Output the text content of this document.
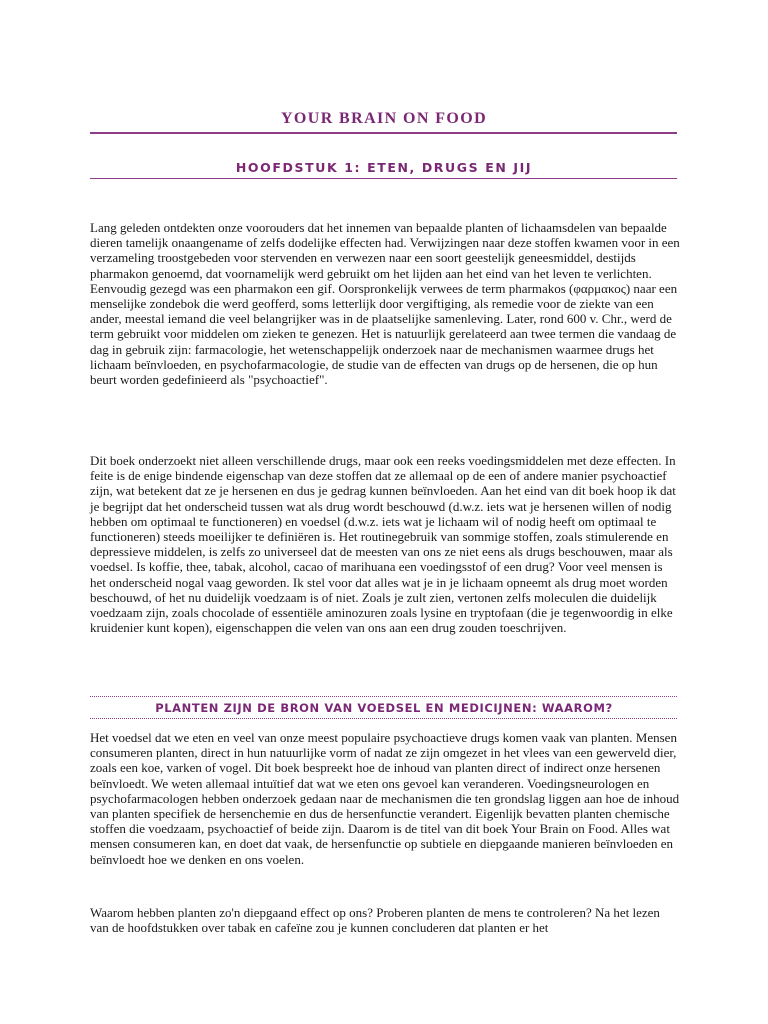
YOUR BRAIN ON FOOD
HOOFDSTUK 1: ETEN, DRUGS EN JIJ

Lang geleden ontdekten onze voorouders dat het innemen van bepaalde planten of lichaamsdelen van bepaalde dieren tamelijk onaangename of zelfs dodelijke effecten had. Verwijzingen naar deze stoffen kwamen voor in een verzameling troostgebeden voor stervenden en verwezen naar een soort geestelijk geneesmiddel, destijds pharmakon genoemd, dat voornamelijk werd gebruikt om het lijden aan het eind van het leven te verlichten. Eenvoudig gezegd was een pharmakon een gif. Oorspronkelijk verwees de term pharmakos (φαρμακος) naar een menselijke zondebok die werd geofferd, soms letterlijk door vergiftiging, als remedie voor de ziekte van een ander, meestal iemand die veel belangrijker was in de plaatselijke samenleving. Later, rond 600 v. Chr., werd de term gebruikt voor middelen om zieken te genezen. Het is natuurlijk gerelateerd aan twee termen die vandaag de dag in gebruik zijn: farmacologie, het wetenschappelijk onderzoek naar de mechanismen waarmee drugs het lichaam beïnvloeden, en psychofarmacologie, de studie van de effecten van drugs op de hersenen, die op hun beurt worden gedefinieerd als "psychoactief".

Dit boek onderzoekt niet alleen verschillende drugs, maar ook een reeks voedingsmiddelen met deze effecten. In feite is de enige bindende eigenschap van deze stoffen dat ze allemaal op de een of andere manier psychoactief zijn, wat betekent dat ze je hersenen en dus je gedrag kunnen beïnvloeden. Aan het eind van dit boek hoop ik dat je begrijpt dat het onderscheid tussen wat als drug wordt beschouwd (d.w.z. iets wat je hersenen willen of nodig hebben om optimaal te functioneren) en voedsel (d.w.z. iets wat je lichaam wil of nodig heeft om optimaal te functioneren) steeds moeilijker te definiëren is. Het routinegebruik van sommige stoffen, zoals stimulerende en depressieve middelen, is zelfs zo universeel dat de meesten van ons ze niet eens als drugs beschouwen, maar als voedsel. Is koffie, thee, tabak, alcohol, cacao of marihuana een voedingsstof of een drug? Voor veel mensen is het onderscheid nogal vaag geworden. Ik stel voor dat alles wat je in je lichaam opneemt als drug moet worden beschouwd, of het nu duidelijk voedzaam is of niet. Zoals je zult zien, vertonen zelfs moleculen die duidelijk voedzaam zijn, zoals chocolade of essentiële aminozuren zoals lysine en tryptofaan (die je tegenwoordig in elke kruidenier kunt kopen), eigenschappen die velen van ons aan een drug zouden toeschrijven.

PLANTEN ZIJN DE BRON VAN VOEDSEL EN MEDICIJNEN: WAAROM?

Het voedsel dat we eten en veel van onze meest populaire psychoactieve drugs komen vaak van planten. Mensen consumeren planten, direct in hun natuurlijke vorm of nadat ze zijn omgezet in het vlees van een gewerveld dier, zoals een koe, varken of vogel. Dit boek bespreekt hoe de inhoud van planten direct of indirect onze hersenen beïnvloedt. We weten allemaal intuïtief dat wat we eten ons gevoel kan veranderen. Voedingsneurologen en psychofarmacologen hebben onderzoek gedaan naar de mechanismen die ten grondslag liggen aan hoe de inhoud van planten specifiek de hersenchemie en dus de hersenfunctie verandert. Eigenlijk bevatten planten chemische stoffen die voedzaam, psychoactief of beide zijn. Daarom is de titel van dit boek Your Brain on Food. Alles wat mensen consumeren kan, en doet dat vaak, de hersenfunctie op subtiele en diepgaande manieren beïnvloeden en beïnvloedt hoe we denken en ons voelen.

Waarom hebben planten zo'n diepgaand effect op ons? Proberen planten de mens te controleren? Na het lezen van de hoofdstukken over tabak en cafeïne zou je kunnen concluderen dat planten er het
